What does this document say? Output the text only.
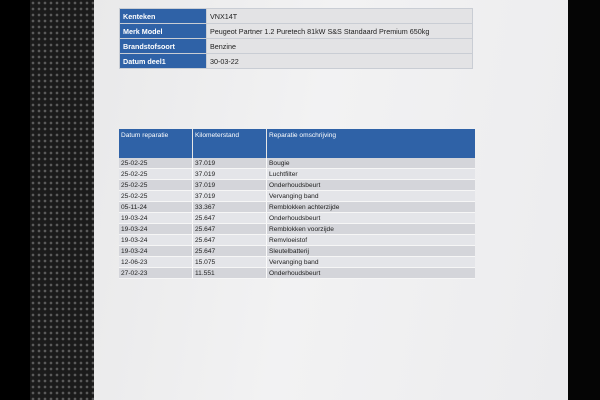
Kenteken	VNX14T
Merk Model	Peugeot Partner 1.2 Puretech 81kW S&S Standaard Premium 650kg
Brandstofsoort	Benzine
Datum deel1	30-03-22
Datum reparatie	Kilometerstand	Reparatie omschrijving
25-02-25	37.019	Bougie
25-02-25	37.019	Luchtfilter
25-02-25	37.019	Onderhoudsbeurt
25-02-25	37.019	Vervanging band
05-11-24	33.367	Remblokken achterzijde
19-03-24	25.647	Onderhoudsbeurt
19-03-24	25.647	Remblokken voorzijde
19-03-24	25.647	Remvloeistof
19-03-24	25.647	Sleutelbatterij
12-06-23	15.075	Vervanging band
27-02-23	11.551	Onderhoudsbeurt
